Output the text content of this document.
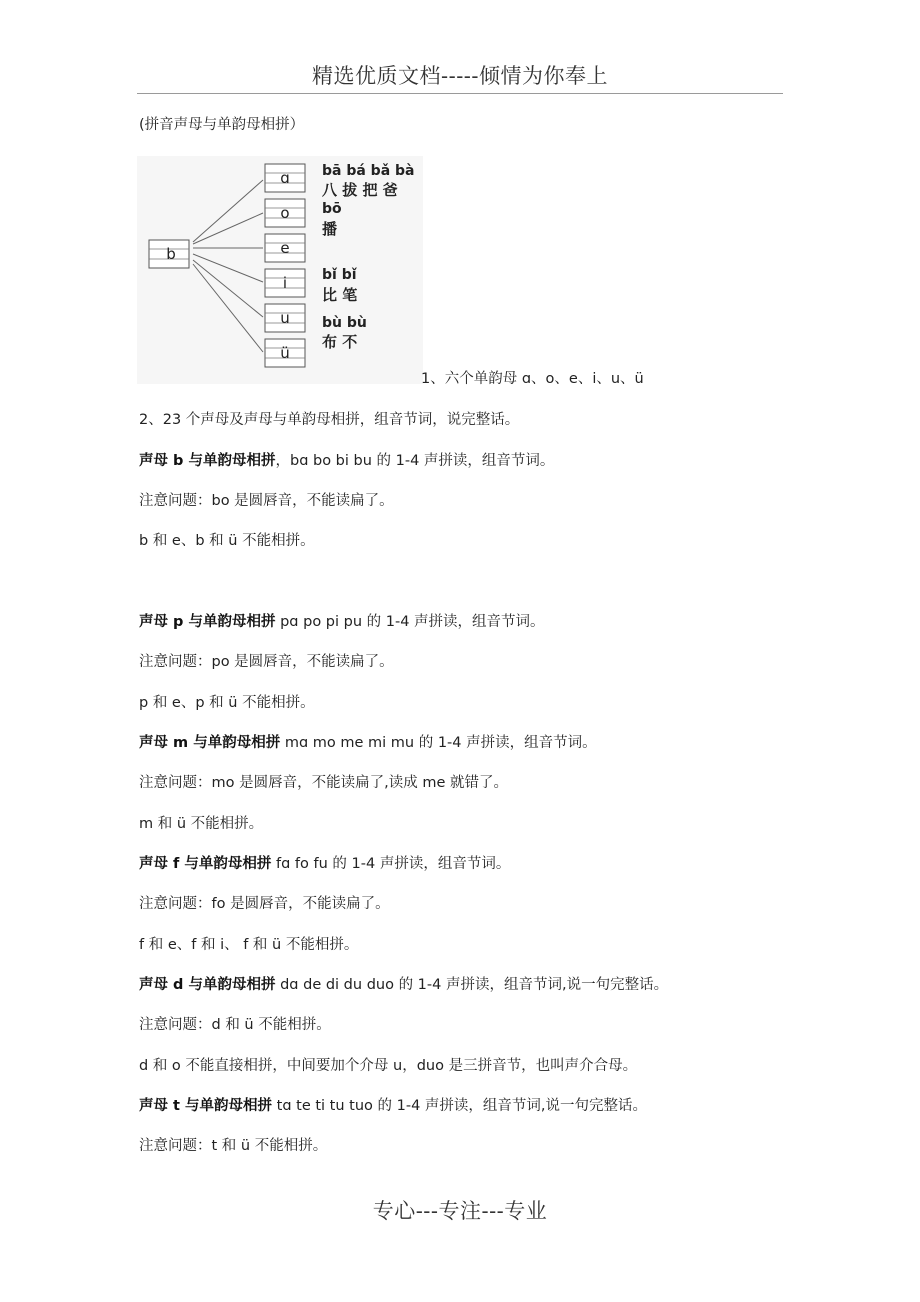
精选优质文档-----倾情为你奉上
(拼音声母与单韵母相拼）
b
ɑ
o
e
i
u
ü
bā bá bǎ bà
八 拔 把 爸
bō
播
bǐ bǐ
比 笔
bù bù
布 不
1、六个单韵母 ɑ、o、e、i、u、ü
2、23 个声母及声母与单韵母相拼，组音节词，说完整话。
声母 b 与单韵母相拼，bɑ bo bi bu 的 1-4 声拼读，组音节词。
注意问题：bo 是圆唇音，不能读扁了。
b 和 e、b 和 ü 不能相拼。
声母 p 与单韵母相拼 pɑ po pi pu 的 1-4 声拼读，组音节词。
注意问题：po 是圆唇音，不能读扁了。
p 和 e、p 和 ü 不能相拼。
声母 m 与单韵母相拼 mɑ mo me mi mu 的 1-4 声拼读，组音节词。
注意问题：mo 是圆唇音，不能读扁了,读成 me 就错了。
m 和 ü 不能相拼。
声母 f 与单韵母相拼 fɑ fo fu 的 1-4 声拼读，组音节词。
注意问题：fo 是圆唇音，不能读扁了。
f 和 e、f 和 i、 f 和 ü 不能相拼。
声母 d 与单韵母相拼 dɑ de di du duo 的 1-4 声拼读，组音节词,说一句完整话。
注意问题：d 和 ü 不能相拼。
d 和 o 不能直接相拼，中间要加个介母 u，duo 是三拼音节，也叫声介合母。
声母 t 与单韵母相拼 tɑ te ti tu tuo 的 1-4 声拼读，组音节词,说一句完整话。
注意问题：t 和 ü 不能相拼。
专心---专注---专业
